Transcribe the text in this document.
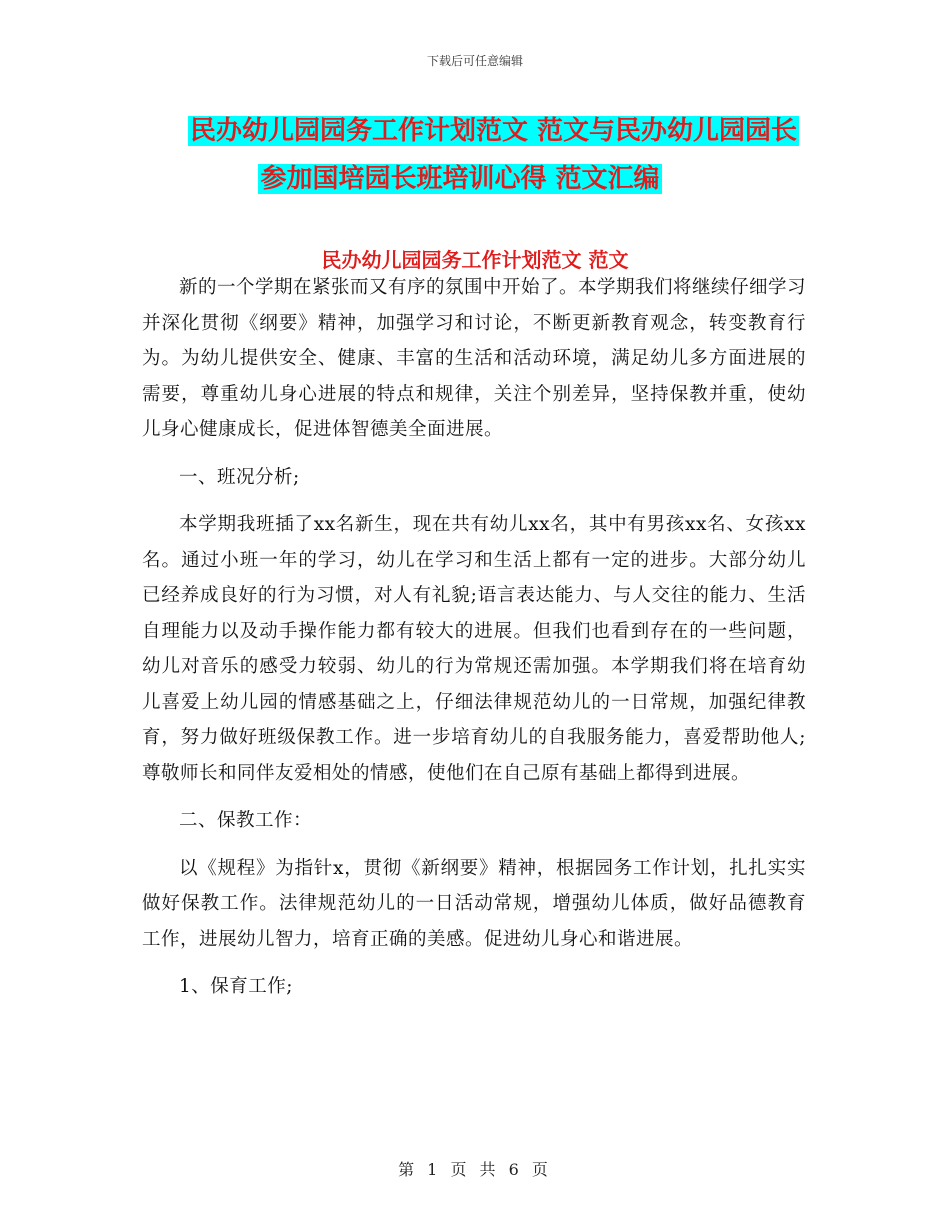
下载后可任意编辑
民办幼儿园园务工作计划范文 范文与民办幼儿园园长
参加国培园长班培训心得 范文汇编
民办幼儿园园务工作计划范文 范文

新的一个学期在紧张而又有序的氛围中开始了。本学期我们将继续仔细学习并深化贯彻《纲要》精神，加强学习和讨论，不断更新教育观念，转变教育行为。为幼儿提供安全、健康、丰富的生活和活动环境，满足幼儿多方面进展的需要，尊重幼儿身心进展的特点和规律，关注个别差异，坚持保教并重，使幼儿身心健康成长，促进体智德美全面进展。

一、班况分析;

本学期我班插了xx名新生，现在共有幼儿xx名，其中有男孩xx名、女孩xx名。通过小班一年的学习，幼儿在学习和生活上都有一定的进步。大部分幼儿已经养成良好的行为习惯，对人有礼貌;语言表达能力、与人交往的能力、生活自理能力以及动手操作能力都有较大的进展。但我们也看到存在的一些问题，幼儿对音乐的感受力较弱、幼儿的行为常规还需加强。本学期我们将在培育幼儿喜爱上幼儿园的情感基础之上，仔细法律规范幼儿的一日常规，加强纪律教育，努力做好班级保教工作。进一步培育幼儿的自我服务能力，喜爱帮助他人;尊敬师长和同伴友爱相处的情感，使他们在自己原有基础上都得到进展。

二、保教工作：

以《规程》为指针x，贯彻《新纲要》精神，根据园务工作计划，扎扎实实做好保教工作。法律规范幼儿的一日活动常规，增强幼儿体质，做好品德教育工作，进展幼儿智力，培育正确的美感。促进幼儿身心和谐进展。

1、保育工作;

第 1 页 共 6 页
